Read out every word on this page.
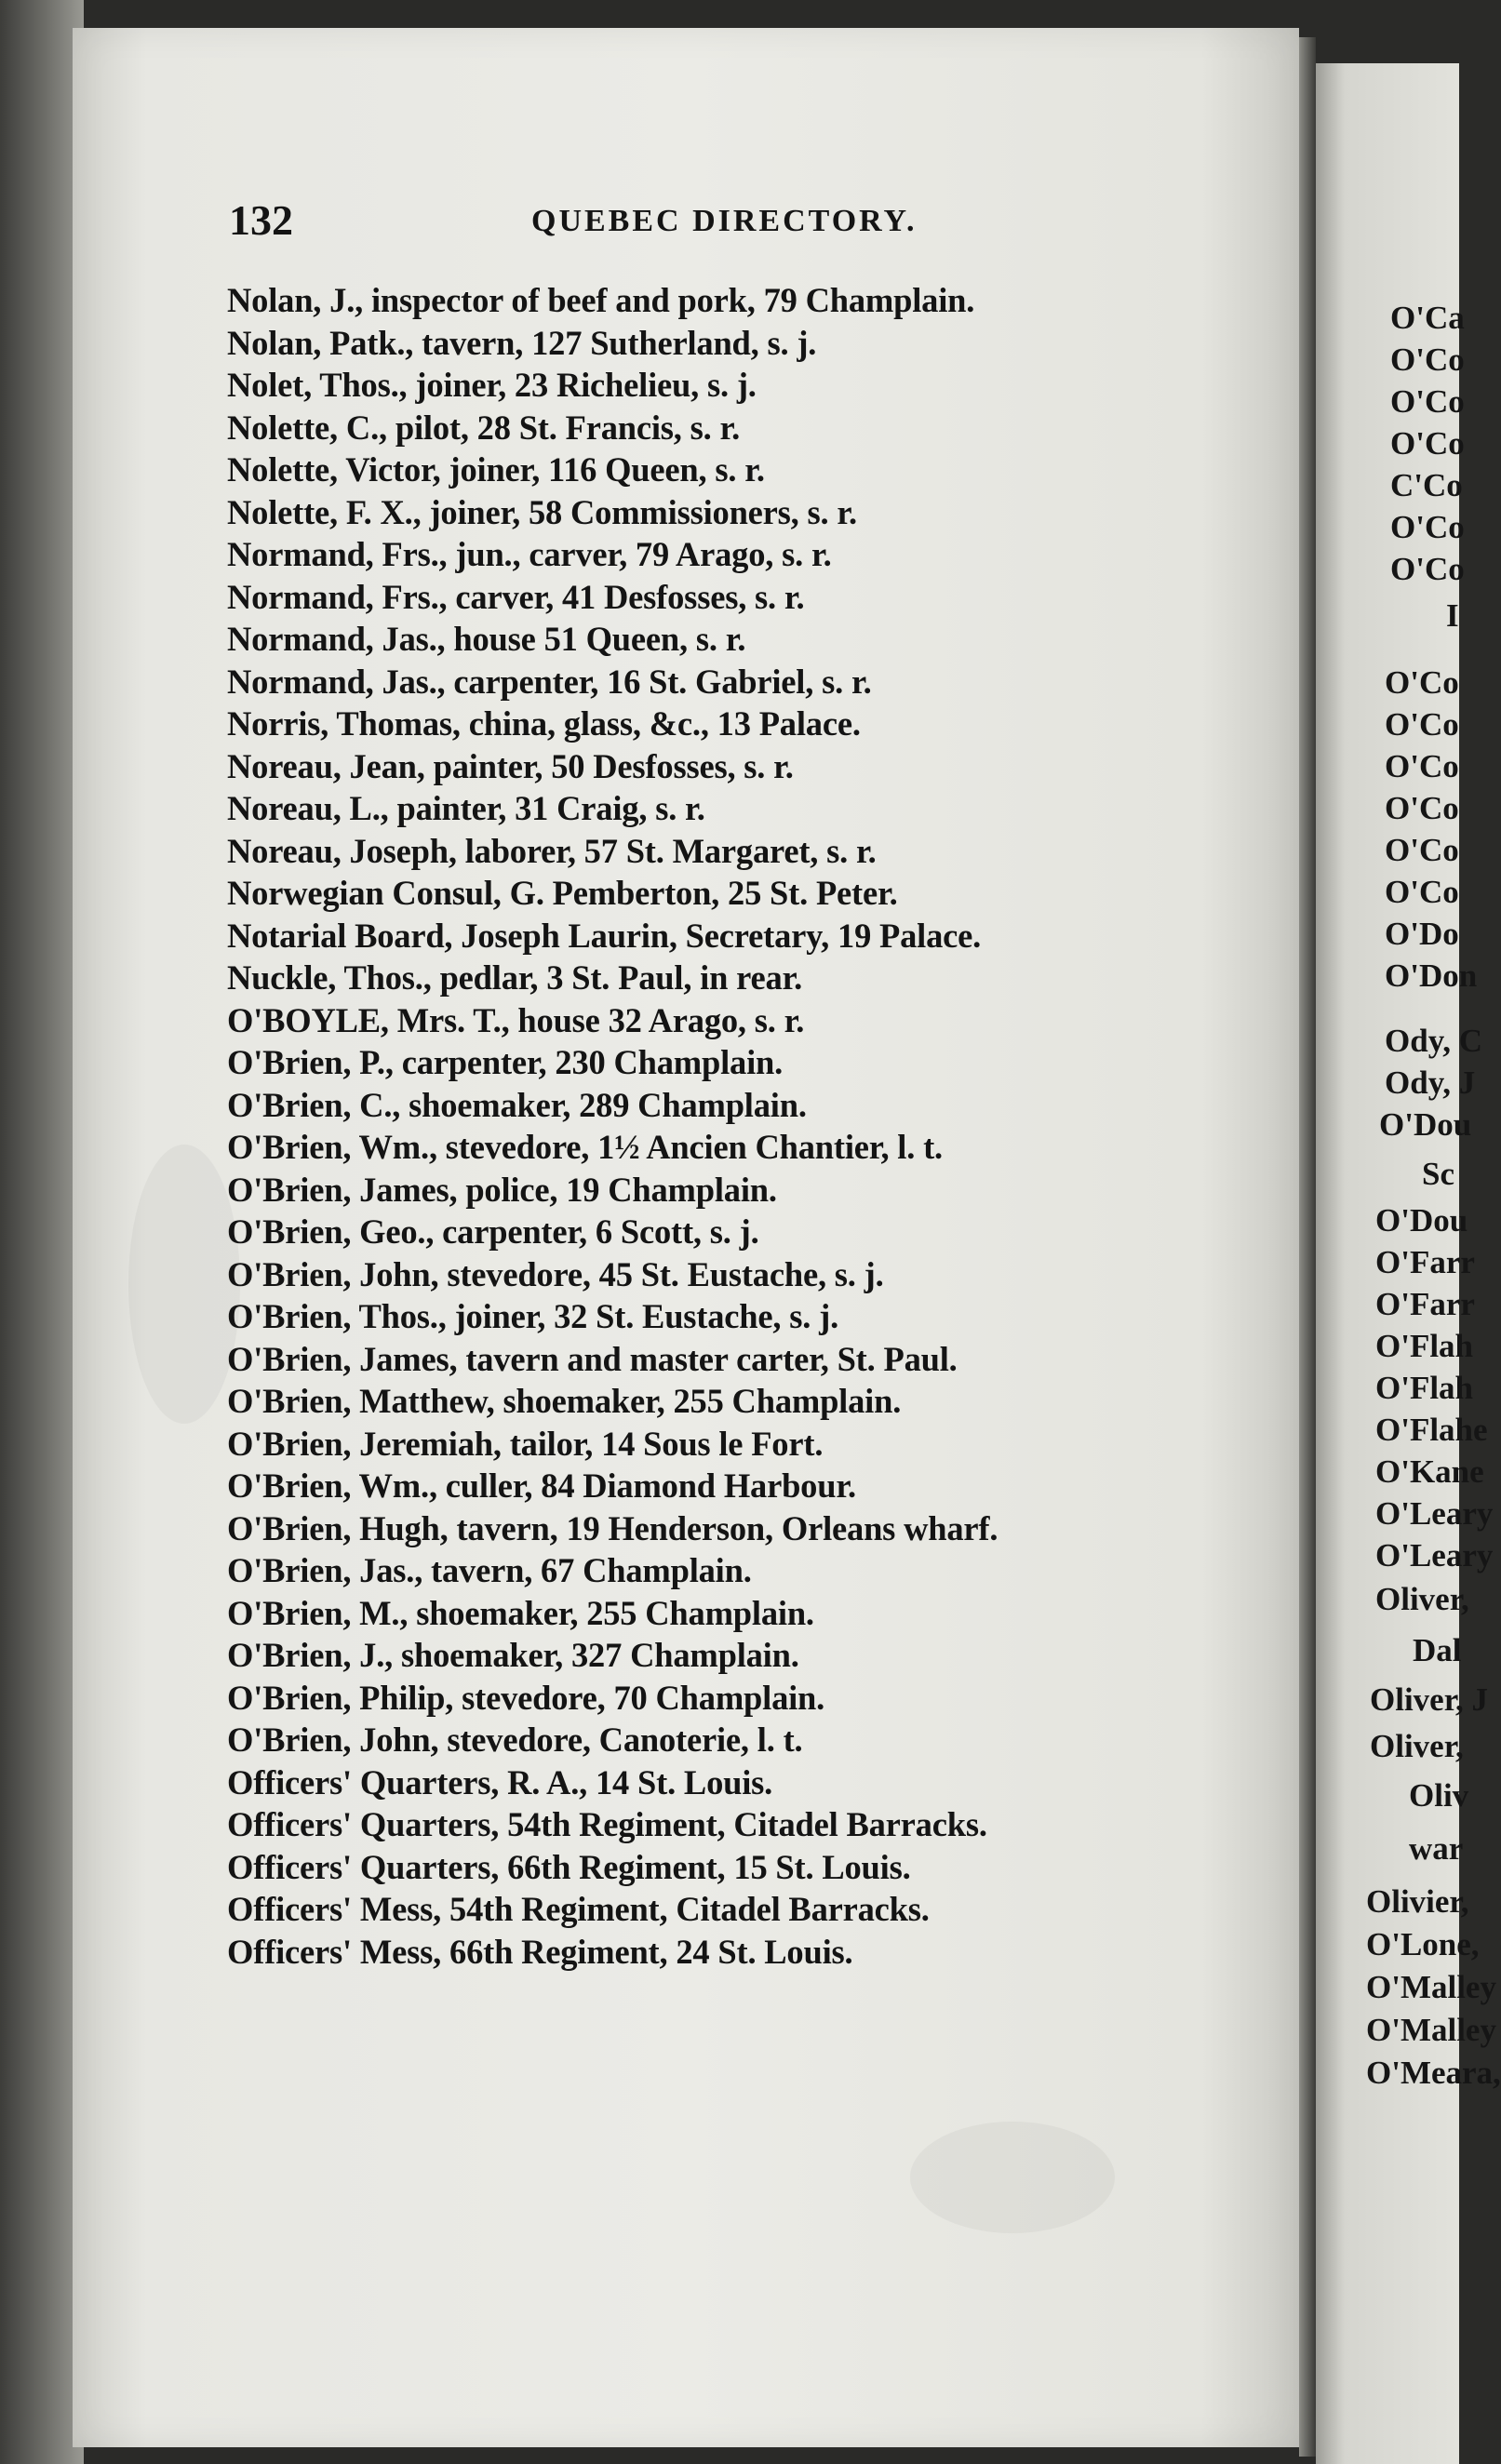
132	QUEBEC DIRECTORY.
Nolan, J., inspector of beef and pork, 79 Champlain.
Nolan, Patk., tavern, 127 Sutherland, s. j.
Nolet, Thos., joiner, 23 Richelieu, s. j.
Nolette, C., pilot, 28 St. Francis, s. r.
Nolette, Victor, joiner, 116 Queen, s. r.
Nolette, F. X., joiner, 58 Commissioners, s. r.
Normand, Frs., jun., carver, 79 Arago, s. r.
Normand, Frs., carver, 41 Desfosses, s. r.
Normand, Jas., house 51 Queen, s. r.
Normand, Jas., carpenter, 16 St. Gabriel, s. r.
Norris, Thomas, china, glass, &c., 13 Palace.
Noreau, Jean, painter, 50 Desfosses, s. r.
Noreau, L., painter, 31 Craig, s. r.
Noreau, Joseph, laborer, 57 St. Margaret, s. r.
Norwegian Consul, G. Pemberton, 25 St. Peter.
Notarial Board, Joseph Laurin, Secretary, 19 Palace.
Nuckle, Thos., pedlar, 3 St. Paul, in rear.
O'BOYLE, Mrs. T., house 32 Arago, s. r.
O'Brien, P., carpenter, 230 Champlain.
O'Brien, C., shoemaker, 289 Champlain.
O'Brien, Wm., stevedore, 1½ Ancien Chantier, l. t.
O'Brien, James, police, 19 Champlain.
O'Brien, Geo., carpenter, 6 Scott, s. j.
O'Brien, John, stevedore, 45 St. Eustache, s. j.
O'Brien, Thos., joiner, 32 St. Eustache, s. j.
O'Brien, James, tavern and master carter, St. Paul.
O'Brien, Matthew, shoemaker, 255 Champlain.
O'Brien, Jeremiah, tailor, 14 Sous le Fort.
O'Brien, Wm., culler, 84 Diamond Harbour.
O'Brien, Hugh, tavern, 19 Henderson, Orleans wharf.
O'Brien, Jas., tavern, 67 Champlain.
O'Brien, M., shoemaker, 255 Champlain.
O'Brien, J., shoemaker, 327 Champlain.
O'Brien, Philip, stevedore, 70 Champlain.
O'Brien, John, stevedore, Canoterie, l. t.
Officers' Quarters, R. A., 14 St. Louis.
Officers' Quarters, 54th Regiment, Citadel Barracks.
Officers' Quarters, 66th Regiment, 15 St. Louis.
Officers' Mess, 54th Regiment, Citadel Barracks.
Officers' Mess, 66th Regiment, 24 St. Louis.
O'Ca
O'Co
O'Co
O'Co
C'Co
O'Co
O'Co
I
O'Co
O'Co
O'Co
O'Co
O'Co
O'Co
O'Do
O'Don
Ody, C
Ody, J
O'Dou
Sc
O'Dou
O'Farr
O'Farr
O'Flah
O'Flah
O'Flahe
O'Kane
O'Leary
O'Leary
Oliver,
Dal
Oliver, J
Oliver,
Oliv
war
Olivier,
O'Lone,
O'Malley
O'Malley
O'Meara,
